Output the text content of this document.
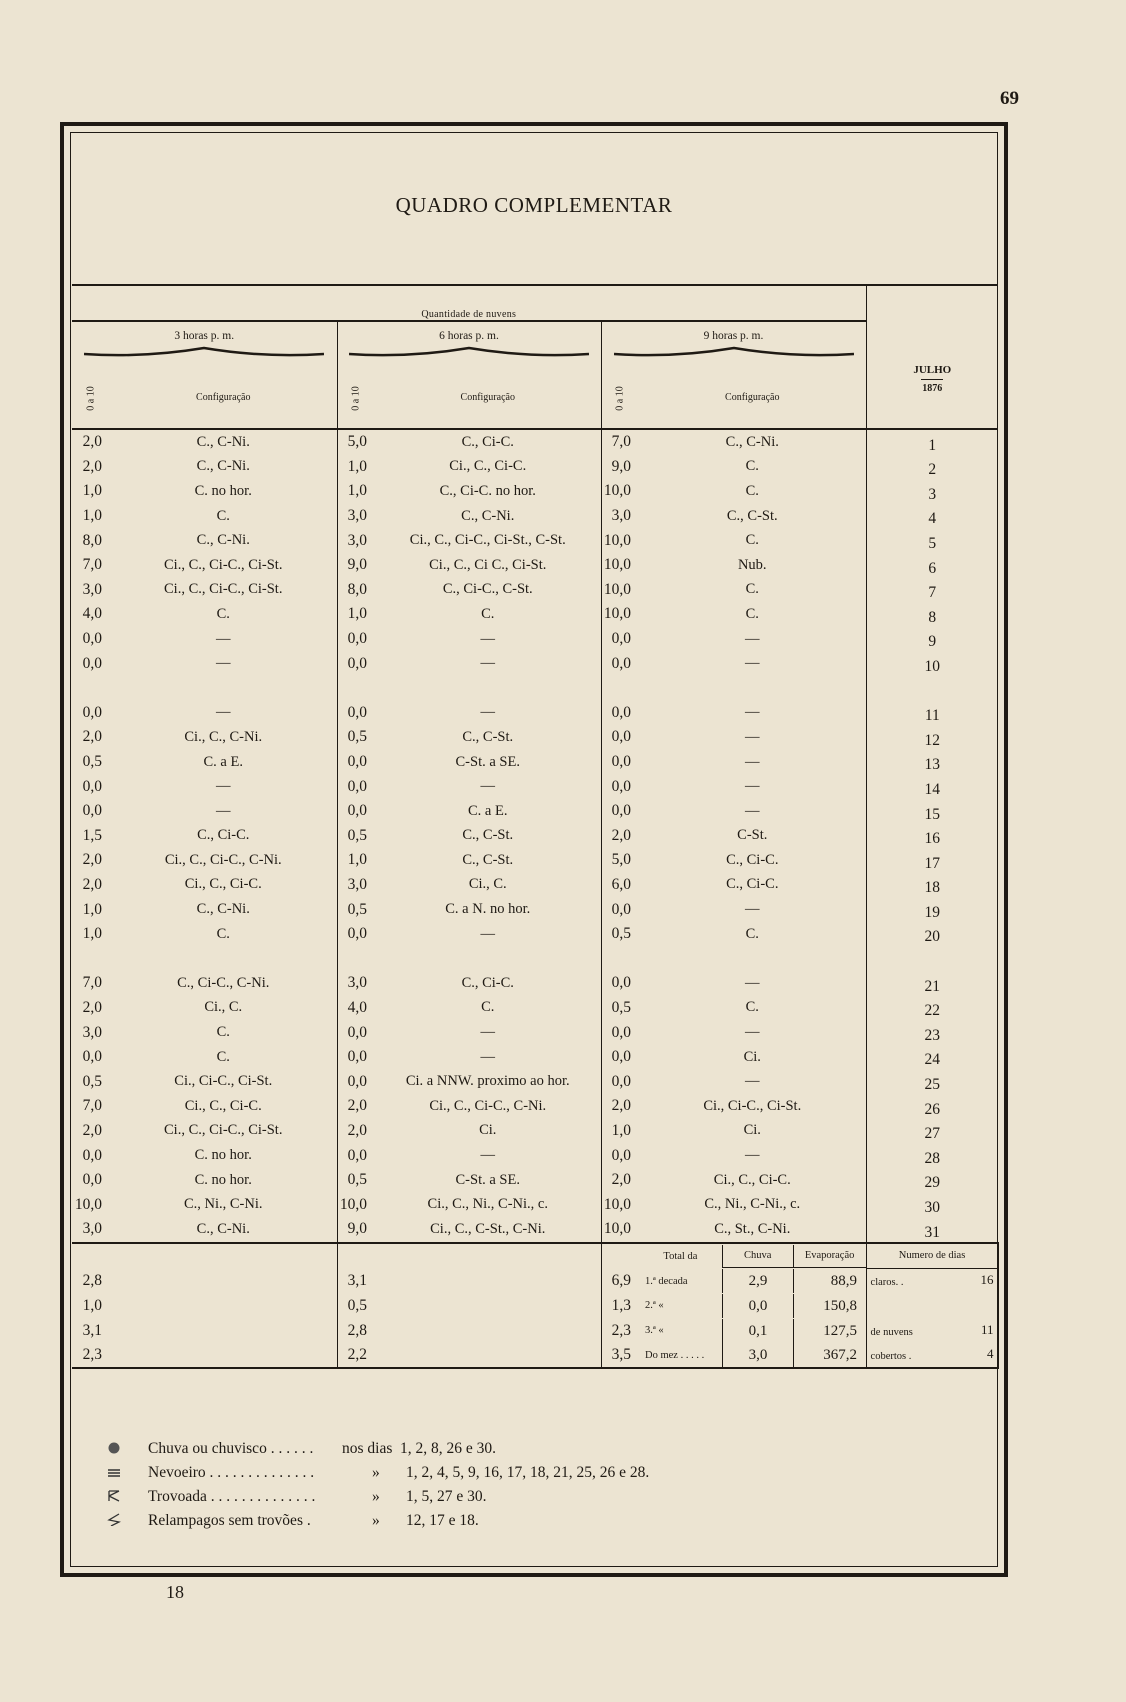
69
QUADRO COMPLEMENTAR
Quantidade de nuvens						JULHO
1876

3 horas p. m.		6 horas p. m.		9 horas p. m.		

0 a 10	Configuração	0 a 10	Configuração	0 a 10	Configuração	
2,0	C., C-Ni.	5,0	C., Ci-C.	7,0	C., C-Ni.	1
2,0	C., C-Ni.	1,0	Ci., C., Ci-C.	9,0	C.	2
1,0	C. no hor.	1,0	C., Ci-C. no hor.	10,0	C.	3
1,0	C.	3,0	C., C-Ni.	3,0	C., C-St.	4
8,0	C., C-Ni.	3,0	Ci., C., Ci-C., Ci-St., C-St.	10,0	C.	5
7,0	Ci., C., Ci-C., Ci-St.	9,0	Ci., C., Ci C., Ci-St.	10,0	Nub.	6
3,0	Ci., C., Ci-C., Ci-St.	8,0	C., Ci-C., C-St.	10,0	C.	7
4,0	C.	1,0	C.	10,0	C.	8
0,0	—	0,0	—	0,0	—	9
0,0	—	0,0	—	0,0	—	10

0,0	—	0,0	—	0,0	—	11
2,0	Ci., C., C-Ni.	0,5	C., C-St.	0,0	—	12
0,5	C. a E.	0,0	C-St. a SE.	0,0	—	13
0,0	—	0,0	—	0,0	—	14
0,0	—	0,0	C. a E.	0,0	—	15
1,5	C., Ci-C.	0,5	C., C-St.	2,0	C-St.	16
2,0	Ci., C., Ci-C., C-Ni.	1,0	C., C-St.	5,0	C., Ci-C.	17
2,0	Ci., C., Ci-C.	3,0	Ci., C.	6,0	C., Ci-C.	18
1,0	C., C-Ni.	0,5	C. a N. no hor.	0,0	—	19
1,0	C.	0,0	—	0,5	C.	20

7,0	C., Ci-C., C-Ni.	3,0	C., Ci-C.	0,0	—	21
2,0	Ci., C.	4,0	C.	0,5	C.	22
3,0	C.	0,0	—	0,0	—	23
0,0	C.	0,0	—	0,0	Ci.	24
0,5	Ci., Ci-C., Ci-St.	0,0	Ci. a NNW. proximo ao hor.	0,0	—	25
7,0	Ci., C., Ci-C.	2,0	Ci., C., Ci-C., C-Ni.	2,0	Ci., Ci-C., Ci-St.	26
2,0	Ci., C., Ci-C., Ci-St.	2,0	Ci.	1,0	Ci.	27
0,0	C. no hor.	0,0	—	0,0	—	28
0,0	C. no hor.	0,5	C-St. a SE.	2,0	Ci., C., Ci-C.	29
10,0	C., Ni., C-Ni.	10,0	Ci., C., Ni., C-Ni., c.	10,0	C., Ni., C-Ni., c.	30
3,0	C., C-Ni.	9,0	Ci., C., C-St., C-Ni.	10,0	C., St., C-Ni.	31

					Total da Chuva Evaporação	Numero de dias
2,8		3,1		6,9	1.ª decada 2,9 88,9	claros. . 16

1,0		0,5		1,3	2.ª « 0,0 150,8	

3,1		2,8		2,3	3.ª « 0,1 127,5	de nuvens 11

2,3		2,2		3,5	Do mez . . . . . 3,0 367,2	cobertos . 4
Chuva ou chuvisco . . . . . . nos dias 1, 2, 8, 26 e 30.
Nevoeiro . . . . . . . . . . . . . .	» 1, 2, 4, 5, 9, 16, 17, 18, 21, 25, 26 e 28.
Trovoada . . . . . . . . . . . . . .	» 1, 5, 27 e 30.
Relampagos sem trovões .	» 12, 17 e 18.
18
